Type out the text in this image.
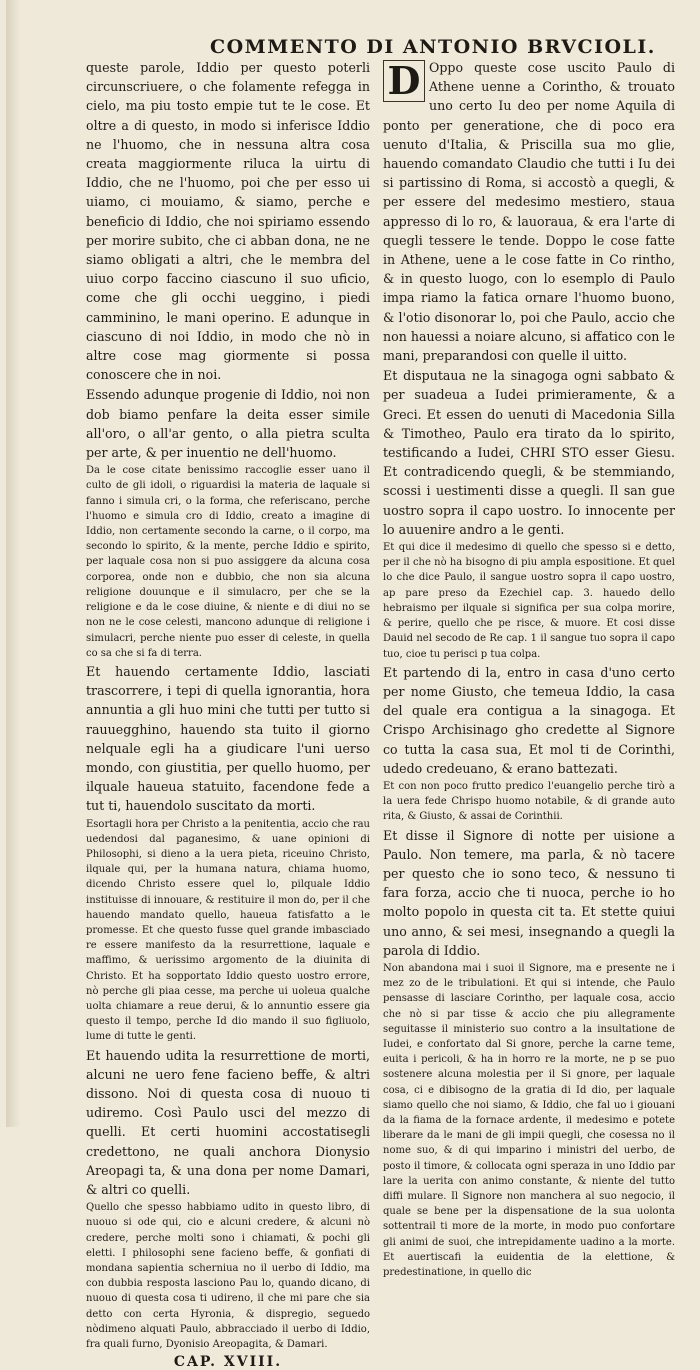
COMMENTO DI ANTONIO BRVCIOLI.

queste parole, Iddio per questo poterli circunscriuere, o che folamente refegga in cielo, ma piu tosto empie tut te le cose. Et oltre a di questo, in modo si inferisce Iddio ne l'huomo, che in nessuna altra cosa creata maggiormente riluca la uirtu di Iddio, che ne l'huomo, poi che per esso ui uiamo, ci mouiamo, & siamo, perche e beneficio di Iddio, che noi spiriamo essendo per morire subito, che ci abban dona, ne ne siamo obligati a altri, che le membra del uiuo corpo faccino ciascuno il suo uficio, come che gli occhi ueggino, i piedi camminino, le mani operino. E adunque in ciascuno di noi Iddio, in modo che nò in altre cose mag giormente si possa conoscere che in noi.

Essendo adunque progenie di Iddio, noi non dob biamo penfare la deita esser simile all'oro, o all'ar gento, o alla pietra sculta per arte, & per inuentio ne dell'huomo.

Da le cose citate benissimo raccoglie esser uano il culto de gli idoli, o riguardisi la materia de laquale si fanno i simula cri, o la forma, che referiscano, perche l'huomo e simula cro di Iddio, creato a imagine di Iddio, non certamente secondo la carne, o il corpo, ma secondo lo spirito, & la mente, perche Iddio e spirito, per laquale cosa non si puo assiggere da alcuna cosa corporea, onde non e dubbio, che non sia alcuna religione douunque e il simulacro, per che se la religione e da le cose diuine, & niente e di diui no se non ne le cose celesti, mancono adunque di religione i simulacri, perche niente puo esser di celeste, in quella co sa che si fa di terra.

Et hauendo certamente Iddio, lasciati trascorrere, i tepi di quella ignorantia, hora annuntia a gli huo mini che tutti per tutto si rauuegghino, hauendo sta tuito il giorno nelquale egli ha a giudicare l'uni uerso mondo, con giustitia, per quello huomo, per ilquale haueua statuito, facendone fede a tut ti, hauendolo suscitato da morti.

Esortagli hora per Christo a la penitentia, accio che rau uedendosi dal paganesimo, & uane opinioni di Philosophi, si dieno a la uera pieta, riceuino Christo, ilquale qui, per la humana natura, chiama huomo, dicendo Christo essere quel lo, pilquale Iddio instituisse di innouare, & restituire il mon do, per il che hauendo mandato quello, haueua fatisfatto a le promesse. Et che questo fusse quel grande imbasciado re essere manifesto da la resurrettione, laquale e maffimo, & uerissimo argomento de la diuinita di Christo. Et ha sopportato Iddio questo uostro errore, nò perche gli piaa cesse, ma perche ui uoleua qualche uolta chiamare a reue derui, & lo annuntio essere gia questo il tempo, perche Id dio mando il suo figliuolo, lume di tutte le genti.

Et hauendo udita la resurrettione de morti, alcuni ne uero fene facieno beffe, & altri dissono. Noi di questa cosa di nuouo ti udiremo. Così Paulo usci del mezzo di quelli. Et certi huomini accostatisegli credettono, ne quali anchora Dionysio Areopagi ta, & una dona per nome Damari, & altri co quelli.

Quello che spesso habbiamo udito in questo libro, di nuouo si ode qui, cio e alcuni credere, & alcuni nò credere, perche molti sono i chiamati, & pochi gli eletti. I philosophi sene facieno beffe, & gonfiati di mondana sapientia scherniua no il uerbo di Iddio, ma con dubbia resposta lasciono Pau lo, quando dicano, di nuouo di questa cosa ti udireno, il che mi pare che sia detto con certa Hyronia, & dispregio, seguedo nòdimeno alquati Paulo, abbracciado il uerbo di Iddio, fra quali furno, Dyonisio Areopagita, & Damari.

CAP. XVIII.

D Oppo queste cose uscito Paulo di Athene uenne a Corintho, & trouato uno certo Iu deo per nome Aquila di ponto per generatione, che di poco era uenuto d'Italia, & Priscilla sua mo glie, hauendo comandato Claudio che tutti i Iu dei si partissino di Roma, si accostò a quegli, & per essere del medesimo mestiero, staua appresso di lo ro, & lauoraua, & era l'arte di quegli tessere le tende. Doppo le cose fatte in Athene, uene a le cose fatte in Co rintho, & in questo luogo, con lo esemplo di Paulo impa riamo la fatica ornare l'huomo buono, & l'otio disonorar lo, poi che Paulo, accio che non hauessi a noiare alcuno, si affatico con le mani, preparandosi con quelle il uitto.

Et disputaua ne la sinagoga ogni sabbato & per suadeua a Iudei primieramente, & a Greci. Et essen do uenuti di Macedonia Silla & Timotheo, Paulo era tirato da lo spirito, testificando a Iudei, CHRI STO esser Giesu. Et contradicendo quegli, & be stemmiando, scossi i uestimenti disse a quegli. Il san gue uostro sopra il capo uostro. Io innocente per lo auuenire andro a le genti.

Et qui dice il medesimo di quello che spesso si e detto, per il che nò ha bisogno di piu ampla espositione. Et quel lo che dice Paulo, il sangue uostro sopra il capo uostro, ap pare preso da Ezechiel cap. 3. hauedo dello hebraismo per ilquale si significa per sua colpa morire, & perire, quello che pe risce, & muore. Et cosi disse Dauid nel secodo de Re cap. 1 il sangue tuo sopra il capo tuo, cioe tu perisci p tua colpa.

Et partendo di la, entro in casa d'uno certo per nome Giusto, che temeua Iddio, la casa del quale era contigua a la sinagoga. Et Crispo Archisinago gho credette al Signore co tutta la casa sua, Et mol ti de Corinthi, udedo credeuano, & erano battezati.

Et con non poco frutto predico l'euangelio perche tirò a la uera fede Chrispo huomo notabile, & di grande auto rita, & Giusto, & assai de Corinthii.

Et disse il Signore di notte per uisione a Paulo. Non temere, ma parla, & nò tacere per questo che io sono teco, & nessuno ti fara forza, accio che ti nuoca, perche io ho molto popolo in questa cit ta. Et stette quiui uno anno, & sei mesi, insegnando a quegli la parola di Iddio.

Non abandona mai i suoi il Signore, ma e presente ne i mez zo de le tribulationi. Et qui si intende, che Paulo pensasse di lasciare Corintho, per laquale cosa, accio che nò si par tisse & accio che piu allegramente seguitasse il ministerio suo contro a la insultatione de Iudei, e confortato dal Si gnore, perche la carne teme, euita i pericoli, & ha in horro re la morte, ne p se puo sostenere alcuna molestia per il Si gnore, per laquale cosa, ci e dibisogno de la gratia di Id dio, per laquale siamo quello che noi siamo, & Iddio, che fal uo i giouani da la fiama de la fornace ardente, il medesimo e potete liberare da le mani de gli impii quegli, che cosessa no il nome suo, & di qui imparino i ministri del uerbo, de posto il timore, & collocata ogni speraza in uno Iddio par lare la uerita con animo constante, & niente del tutto diffi mulare. Il Signore non manchera al suo negocio, il quale se bene per la dispensatione de la sua uolonta sottentrail ti more de la morte, in modo puo confortare gli animi de suoi, che intrepidamente uadino a la morte. Et auertiscafi la euidentia de la elettione, & predestinatione, in quello dic
